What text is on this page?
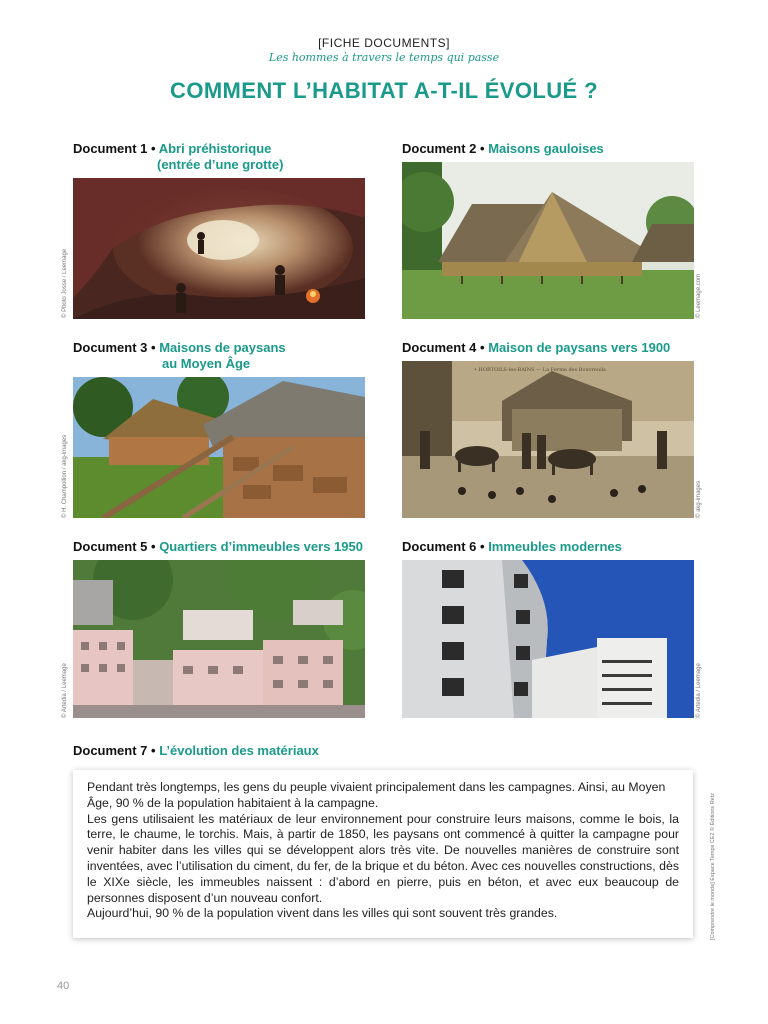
[FICHE DOCUMENTS]
Les hommes à travers le temps qui passe
COMMENT L’HABITAT A-T-IL ÉVOLUÉ ?
Document 1 • Abri préhistorique
(entrée d’une grotte)
© Photo Josse / Leemage
Document 2 • Maisons gauloises
© Leemage.com
Document 3 • Maisons de paysans
au Moyen Âge
© H. Champollion / akg-images
Document 4 • Maison de paysans vers 1900
• HORTOILS-les-BAINS — La Ferme des Bouvreuils
© akg-images
Document 5 • Quartiers d’immeubles vers 1950
© Artedia / Leemage
Document 6 • Immeubles modernes
© Artedia / Leemage
Document 7 • L’évolution des matériaux

Pendant très longtemps, les gens du peuple vivaient principalement dans les campagnes. Ainsi, au Moyen Âge, 90 % de la population habitaient à la campagne.

Les gens utilisaient les matériaux de leur environnement pour construire leurs maisons, comme le bois, la terre, le chaume, le torchis. Mais, à partir de 1850, les paysans ont commencé à quitter la campagne pour venir habiter dans les villes qui se développent alors très vite. De nouvelles manières de construire sont inventées, avec l’utilisation du ciment, du fer, de la brique et du béton. Avec ces nouvelles constructions, dès le XIXe siècle, les immeubles naissent : d’abord en pierre, puis en béton, et avec eux beaucoup de personnes disposent d’un nouveau confort.

Aujourd’hui, 90 % de la population vivent dans les villes qui sont souvent très grandes.	[Comprendre le monde] Espace Temps CE2 © Éditions Retz
40
